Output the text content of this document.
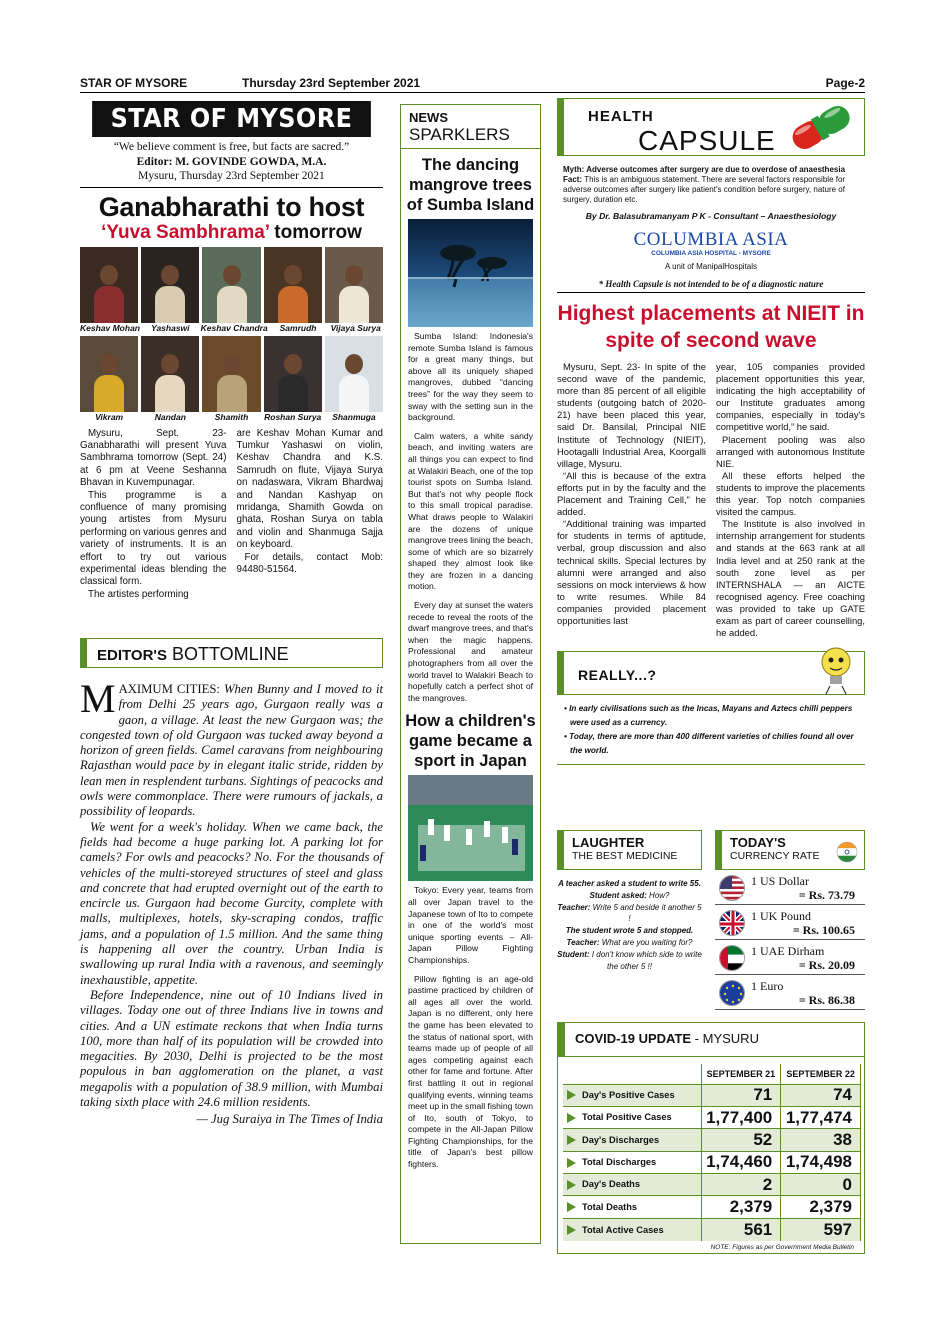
STAR OF MYSORE	Thursday 23rd September 2021	Page-2
STAR OF MYSORE
“We believe comment is free, but facts are sacred.”
Editor: M. GOVINDE GOWDA, M.A.
Mysuru, Thursday 23rd September 2021
Ganabharathi to host
‘Yuva Sambhrama’ tomorrow
Keshav Mohan	Yashaswi	Keshav Chandra	Samrudh	Vijaya Surya
Vikram	Nandan	Shamith	Roshan Surya	Shanmuga

Mysuru, Sept. 23- Ganabharathi will present Yuva Sambhrama tomorrow (Sept. 24) at 6 pm at Veene Seshanna Bhavan in Kuvempunagar.

This programme is a confluence of many promising young artistes from Mysuru performing on various genres and variety of instruments. It is an effort to try out various experimental ideas blending the classical form.

The artistes performing

are Keshav Mohan Kumar and Tumkur Yashaswi on violin, Keshav Chandra and K.S. Samrudh on flute, Vijaya Surya on nadaswara, Vikram Bhardwaj and Nandan Kashyap on mridanga, Shamith Gowda on ghata, Roshan Surya on tabla and violin and Shanmuga Sajja on keyboard.

For details, contact Mob: 94480-51564.

EDITOR'S BOTTOMLINE

MAXIMUM CITIES: When Bunny and I moved to it from Delhi 25 years ago, Gurgaon really was a gaon, a village. At least the new Gurgaon was; the congested town of old Gurgaon was tucked away beyond a horizon of green fields. Camel caravans from neighbouring Rajasthan would pace by in elegant italic stride, ridden by lean men in resplendent turbans. Sightings of peacocks and owls were commonplace. There were rumours of jackals, a possibility of leopards.

We went for a week's holiday. When we came back, the fields had become a huge parking lot. A parking lot for camels? For owls and peacocks? No. For the thousands of vehicles of the multi-storeyed structures of steel and glass and concrete that had erupted overnight out of the earth to encircle us. Gurgaon had become Gurcity, complete with malls, multiplexes, hotels, sky-scraping condos, traffic jams, and a population of 1.5 million. And the same thing is happening all over the country. Urban India is swallowing up rural India with a ravenous, and seemingly inexhaustible, appetite.

Before Independence, nine out of 10 Indians lived in villages. Today one out of three Indians live in towns and cities. And a UN estimate reckons that when India turns 100, more than half of its population will be crowded into megacities. By 2030, Delhi is projected to be the most populous in ban agglomeration on the planet, a vast megapolis with a population of 38.9 million, with Mumbai taking sixth place with 24.6 million residents.

— Jug Suraiya in The Times of India

NEWS
SPARKLERS
The dancing mangrove trees of Sumba Island

Sumba Island: Indonesia's remote Sumba Island is famous for a great many things, but above all its uniquely shaped mangroves, dubbed “dancing trees” for the way they seem to sway with the setting sun in the background.

Calm waters, a white sandy beach, and inviting waters are all things you can expect to find at Walakiri Beach, one of the top tourist spots on Sumba Island. But that's not why people flock to this small tropical paradise. What draws people to Walakiri are the dozens of unique mangrove trees lining the beach, some of which are so bizarrely shaped they almost look like they are frozen in a dancing motion.

Every day at sunset the waters recede to reveal the roots of the dwarf mangrove trees, and that's when the magic happens. Professional and amateur photographers from all over the world travel to Walakiri Beach to hopefully catch a perfect shot of the mangroves.

How a children's game became a sport in Japan

Tokyo: Every year, teams from all over Japan travel to the Japanese town of Ito to compete in one of the world's most unique sporting events – All-Japan Pillow Fighting Championships.

Pillow fighting is an age-old pastime practiced by children of all ages all over the world. Japan is no different, only here the game has been elevated to the status of national sport, with teams made up of people of all ages competing against each other for fame and fortune. After first battling it out in regional qualifying events, winning teams meet up in the small fishing town of Ito, south of Tokyo, to compete in the All-Japan Pillow Fighting Championships, for the title of Japan's best pillow fighters.

HEALTH
CAPSULE
Myth: Adverse outcomes after surgery are due to overdose of anaesthesia
Fact: This is an ambiguous statement. There are several factors responsible for adverse outcomes after surgery like patient's condition before surgery, nature of surgery, duration etc.
By Dr. Balasubramanyam P K - Consultant – Anaesthesiology
COLUMBIA ASIA
COLUMBIA ASIA HOSPITAL - MYSORE
A unit of ManipalHospitals
* Health Capsule is not intended to be of a diagnostic nature
Highest placements at NIEIT in spite of second wave

Mysuru, Sept. 23- In spite of the second wave of the pandemic, more than 85 percent of all eligible students (outgoing batch of 2020-21) have been placed this year, said Dr. Bansilal, Principal NIE Institute of Technology (NIEIT), Hootagalli Industrial Area, Koorgalli village, Mysuru.

“All this is because of the extra efforts put in by the faculty and the Placement and Training Cell,” he added.

“Additional training was imparted for students in terms of aptitude, verbal, group discussion and also technical skills. Special lectures by alumni were arranged and also sessions on mock interviews & how to write resumes. While 84 companies provided placement opportunities last

year, 105 companies provided placement opportunities this year, indicating the high acceptability of our Institute graduates among companies, especially in today's competitive world,” he said.

Placement pooling was also arranged with autonomous Institute NIE.

All these efforts helped the students to improve the placements this year. Top notch companies visited the campus.

The Institute is also involved in internship arrangement for students and stands at the 663 rank at all India level and at 250 rank at the south zone level as per INTERNSHALA — an AICTE recognised agency. Free coaching was provided to take up GATE exam as part of career counselling, he added.

REALLY...?
• In early civilisations such as the Incas, Mayans and Aztecs chilli peppers were used as a currency.
• Today, there are more than 400 different varieties of chilies found all over the world.
LAUGHTER
THE BEST MEDICINE
A teacher asked a student to write 55.
Student asked: How?
Teacher: Write 5 and beside it another 5 !
The student wrote 5 and stopped.
Teacher: What are you waiting for?
Student: I don't know which side to write the other 5 !!
TODAY'S
CURRENCY RATE
1 US Dollar
= Rs. 73.79
1 UK Pound
= Rs. 100.65
1 UAE Dirham
= Rs. 20.09
1 Euro
= Rs. 86.38
COVID-19 UPDATE - MYSURU
	SEPTEMBER 21	SEPTEMBER 22
Day's Positive Cases	71	74
Total Positive Cases	1,77,400	1,77,474
Day's Discharges	52	38
Total Discharges	1,74,460	1,74,498
Day's Deaths	2	0
Total Deaths	2,379	2,379
Total Active Cases	561	597
NOTE: Figures as per Government Media Bulletin
